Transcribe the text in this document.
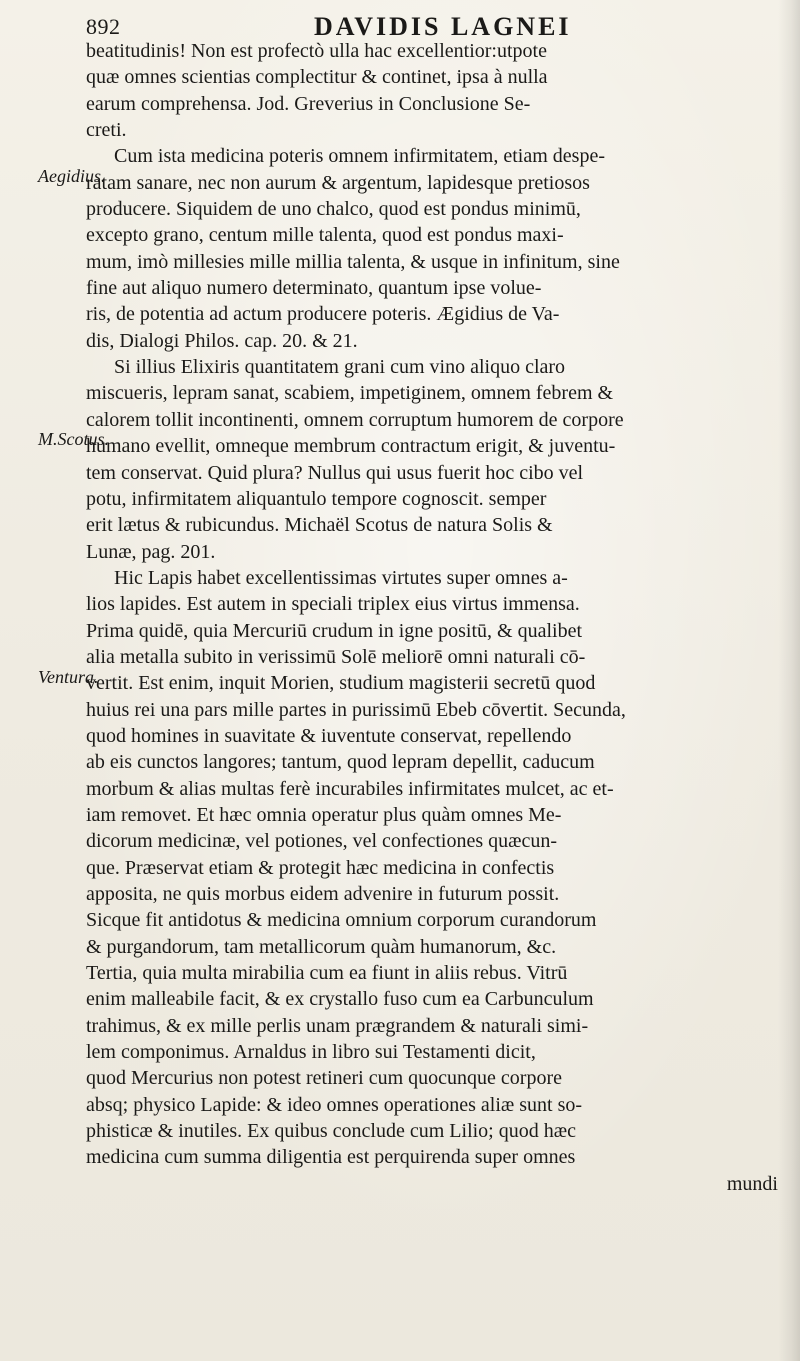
892	DAVIDIS LAGNEI
Aegidius.
M.Scotus.
Ventura.
beatitudinis! Non est profectò ulla hac excellentior:utpote
quæ omnes scientias complectitur & continet, ipsa à nulla
earum comprehensa. Jod. Greverius in Conclusione Se-
creti.
Cum ista medicina poteris omnem infirmitatem, etiam despe-
ratam sanare, nec non aurum & argentum, lapidesque pretiosos
producere. Siquidem de uno chalco, quod est pondus minimū,
excepto grano, centum mille talenta, quod est pondus maxi-
mum, imò millesies mille millia talenta, & usque in infinitum, sine
fine aut aliquo numero determinato, quantum ipse volue-
ris, de potentia ad actum producere poteris. Ægidius de Va-
dis, Dialogi Philos. cap. 20. & 21.
Si illius Elixiris quantitatem grani cum vino aliquo claro
miscueris, lepram sanat, scabiem, impetiginem, omnem febrem &
calorem tollit incontinenti, omnem corruptum humorem de corpore
humano evellit, omneque membrum contractum erigit, & juventu-
tem conservat. Quid plura? Nullus qui usus fuerit hoc cibo vel
potu, infirmitatem aliquantulo tempore cognoscit. semper
erit lætus & rubicundus. Michaël Scotus de natura Solis &
Lunæ, pag. 201.
Hic Lapis habet excellentissimas virtutes super omnes a-
lios lapides. Est autem in speciali triplex eius virtus immensa.
Prima quidē, quia Mercuriū crudum in igne positū, & qualibet
alia metalla subito in verissimū Solē meliorē omni naturali cō-
vertit. Est enim, inquit Morien, studium magisterii secretū quod
huius rei una pars mille partes in purissimū Ebeb cōvertit. Secunda,
quod homines in suavitate & iuventute conservat, repellendo
ab eis cunctos langores; tantum, quod lepram depellit, caducum
morbum & alias multas ferè incurabiles infirmitates mulcet, ac et-
iam removet. Et hæc omnia operatur plus quàm omnes Me-
dicorum medicinæ, vel potiones, vel confectiones quæcun-
que. Præservat etiam & protegit hæc medicina in confectis
apposita, ne quis morbus eidem advenire in futurum possit.
Sicque fit antidotus & medicina omnium corporum curandorum
& purgandorum, tam metallicorum quàm humanorum, &c.
Tertia, quia multa mirabilia cum ea fiunt in aliis rebus. Vitrū
enim malleabile facit, & ex crystallo fuso cum ea Carbunculum
trahimus, & ex mille perlis unam prægrandem & naturali simi-
lem componimus. Arnaldus in libro sui Testamenti dicit,
quod Mercurius non potest retineri cum quocunque corpore
absq; physico Lapide: & ideo omnes operationes aliæ sunt so-
phisticæ & inutiles. Ex quibus conclude cum Lilio; quod hæc
medicina cum summa diligentia est perquirenda super omnes
mundi
